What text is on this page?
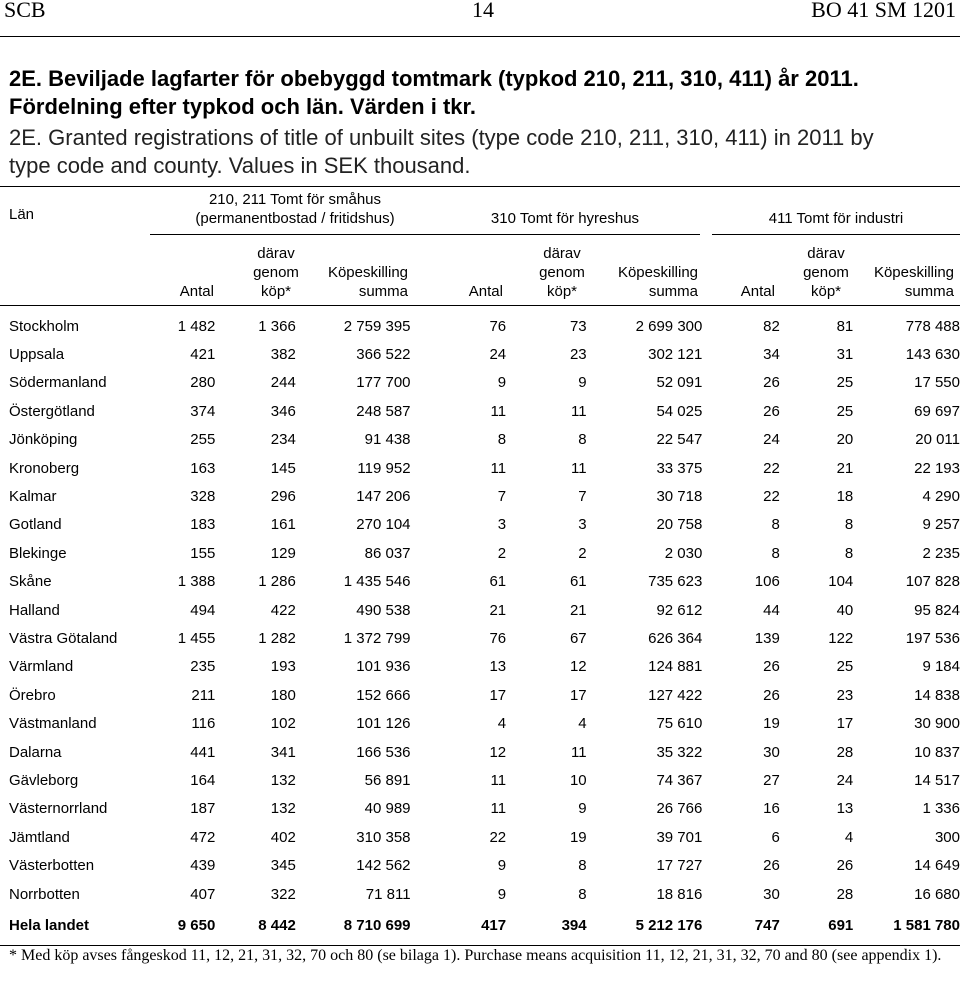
SCB	14	BO 41 SM 1201
2E. Beviljade lagfarter för obebyggd tomtmark (typkod 210, 211, 310, 411) år 2011.
Fördelning efter typkod och län. Värden i tkr.
2E. Granted registrations of title of unbuilt sites (type code 210, 211, 310, 411) in 2011 by
type code and county. Values in SEK thousand.
Län
210, 211 Tomt för småhus
(permanentbostad / fritidshus)	310 Tomt för hyreshus	411 Tomt för industri
Antal
därav
genom
köp*
Köpeskilling
summa	Antal
därav
genom
köp*
Köpeskilling
summa	Antal
därav
genom
köp*
Köpeskilling
summa
Stockholm	1 482	1 366	2 759 395	76	73	2 699 300	82	81	778 488
Uppsala	421	382	366 522	24	23	302 121	34	31	143 630
Södermanland	280	244	177 700	9	9	52 091	26	25	17 550
Östergötland	374	346	248 587	11	11	54 025	26	25	69 697
Jönköping	255	234	91 438	8	8	22 547	24	20	20 011
Kronoberg	163	145	119 952	11	11	33 375	22	21	22 193
Kalmar	328	296	147 206	7	7	30 718	22	18	4 290
Gotland	183	161	270 104	3	3	20 758	8	8	9 257
Blekinge	155	129	86 037	2	2	2 030	8	8	2 235
Skåne	1 388	1 286	1 435 546	61	61	735 623	106	104	107 828
Halland	494	422	490 538	21	21	92 612	44	40	95 824
Västra Götaland	1 455	1 282	1 372 799	76	67	626 364	139	122	197 536
Värmland	235	193	101 936	13	12	124 881	26	25	9 184
Örebro	211	180	152 666	17	17	127 422	26	23	14 838
Västmanland	116	102	101 126	4	4	75 610	19	17	30 900
Dalarna	441	341	166 536	12	11	35 322	30	28	10 837
Gävleborg	164	132	56 891	11	10	74 367	27	24	14 517
Västernorrland	187	132	40 989	11	9	26 766	16	13	1 336
Jämtland	472	402	310 358	22	19	39 701	6	4	300
Västerbotten	439	345	142 562	9	8	17 727	26	26	14 649
Norrbotten	407	322	71 811	9	8	18 816	30	28	16 680

Hela landet	9 650	8 442	8 710 699	417	394	5 212 176	747	691	1 581 780
* Med köp avses fångeskod 11, 12, 21, 31, 32, 70 och 80 (se bilaga 1). Purchase means acquisition 11, 12, 21, 31, 32, 70 and 80 (see appendix 1).
